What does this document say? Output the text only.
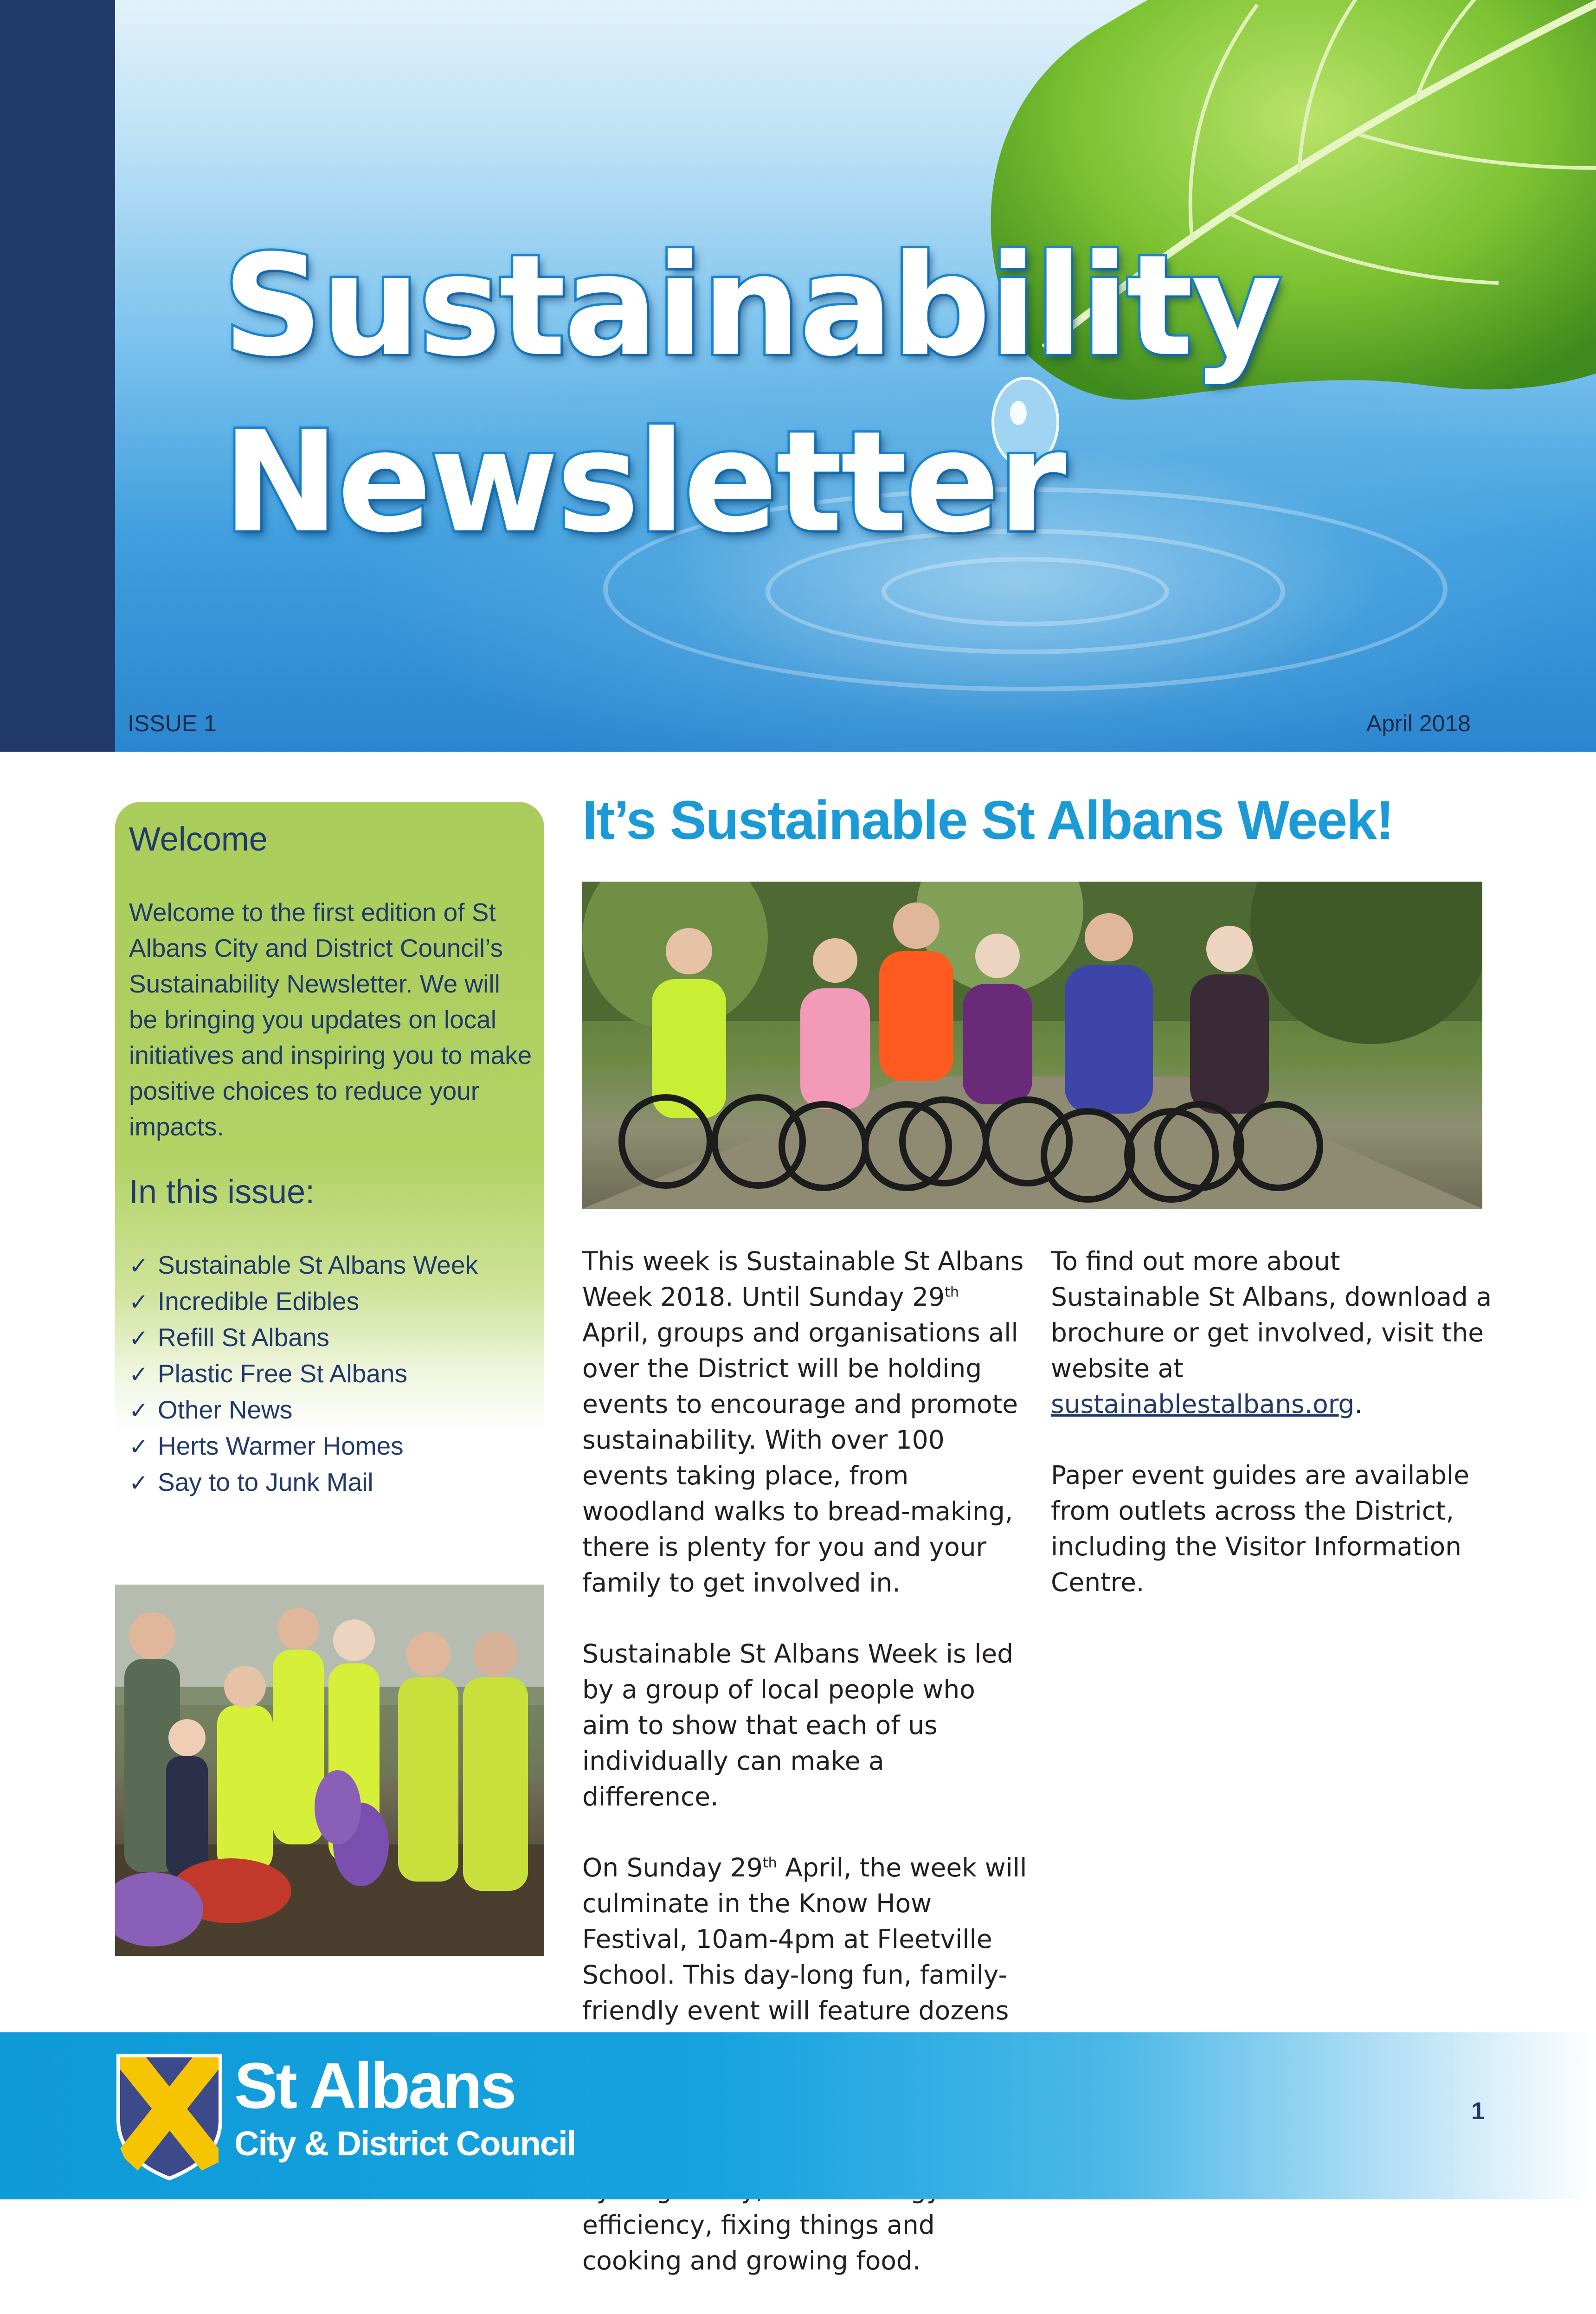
Sustainability
Newsletter
ISSUE 1	April 2018
Welcome

Welcome to the first edition of St Albans City and District Council’s Sustainability Newsletter. We will be bringing you updates on local initiatives and inspiring you to make positive choices to reduce your impacts.

In this issue:
✓ Sustainable St Albans Week
✓ Incredible Edibles
✓ Refill St Albans
✓ Plastic Free St Albans
✓ Other News
✓ Herts Warmer Homes
✓ Say to to Junk Mail
It’s Sustainable St Albans Week!

This week is Sustainable St Albans Week 2018. Until Sunday 29th April, groups and organisations all over the District will be holding events to encourage and promote sustainability. With over 100 events taking place, from woodland walks to bread-making, there is plenty for you and your family to get involved in.

Sustainable St Albans Week is led by a group of local people who aim to show that each of us individually can make a difference.

On Sunday 29th April, the week will culminate in the Know How Festival, 10am-4pm at Fleetville School. This day-long fun, family-friendly event will feature dozens efficiency, fixing things and cooking and growing food.

To find out more about Sustainable St Albans, download a brochure or get involved, visit the website at sustainablestalbans.org.

Paper event guides are available from outlets across the District, including the Visitor Information Centre.

St Albans

City & District Council

1
